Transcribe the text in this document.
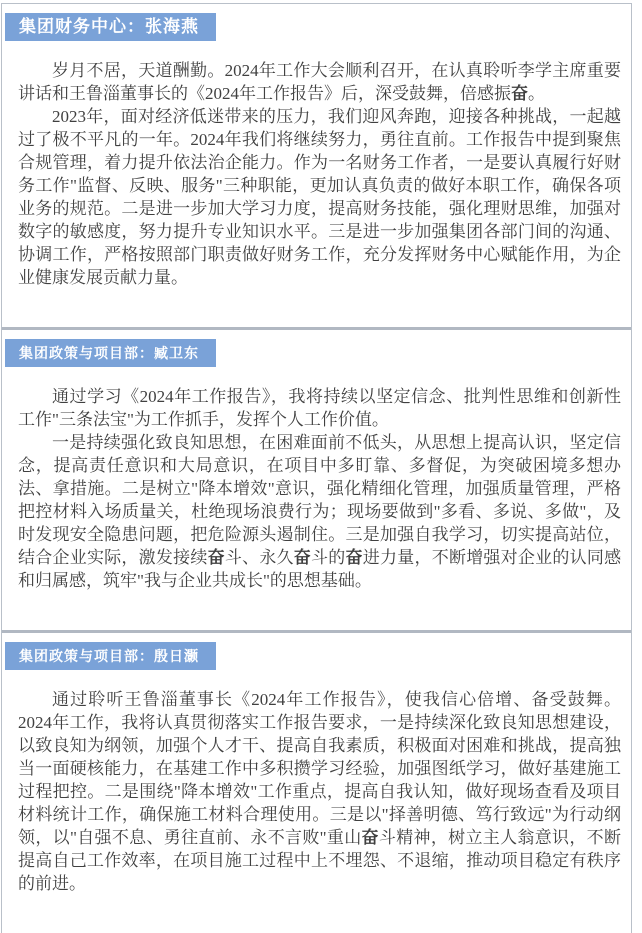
集团财务中心：张海燕

岁月不居，天道酬勤。2024年工作大会顺利召开，在认真聆听李学主席重要讲话和王鲁淄董事长的《2024年工作报告》后，深受鼓舞，倍感振奋。

2023年，面对经济低迷带来的压力，我们迎风奔跑，迎接各种挑战，一起越过了极不平凡的一年。2024年我们将继续努力，勇往直前。工作报告中提到聚焦合规管理，着力提升依法治企能力。作为一名财务工作者，一是要认真履行好财务工作"监督、反映、服务"三种职能，更加认真负责的做好本职工作，确保各项业务的规范。二是进一步加大学习力度，提高财务技能，强化理财思维，加强对数字的敏感度，努力提升专业知识水平。三是进一步加强集团各部门间的沟通、协调工作，严格按照部门职责做好财务工作，充分发挥财务中心赋能作用，为企业健康发展贡献力量。

集团政策与项目部：臧卫东

通过学习《2024年工作报告》，我将持续以坚定信念、批判性思维和创新性工作"三条法宝"为工作抓手，发挥个人工作价值。

一是持续强化致良知思想，在困难面前不低头，从思想上提高认识，坚定信念，提高责任意识和大局意识，在项目中多盯靠、多督促，为突破困境多想办法、拿措施。二是树立"降本增效"意识，强化精细化管理，加强质量管理，严格把控材料入场质量关，杜绝现场浪费行为；现场要做到"多看、多说、多做"，及时发现安全隐患问题，把危险源头遏制住。三是加强自我学习，切实提高站位，结合企业实际，激发接续奋斗、永久奋斗的奋进力量，不断增强对企业的认同感和归属感，筑牢"我与企业共成长"的思想基础。

集团政策与项目部：殷日灏

通过聆听王鲁淄董事长《2024年工作报告》，使我信心倍增、备受鼓舞。2024年工作，我将认真贯彻落实工作报告要求，一是持续深化致良知思想建设，以致良知为纲领，加强个人才干、提高自我素质，积极面对困难和挑战，提高独当一面硬核能力，在基建工作中多积攒学习经验，加强图纸学习，做好基建施工过程把控。二是围绕"降本增效"工作重点，提高自我认知，做好现场查看及项目材料统计工作，确保施工材料合理使用。三是以"择善明德、笃行致远"为行动纲领，以"自强不息、勇往直前、永不言败"重山奋斗精神，树立主人翁意识，不断提高自己工作效率，在项目施工过程中上不埋怨、不退缩，推动项目稳定有秩序的前进。
